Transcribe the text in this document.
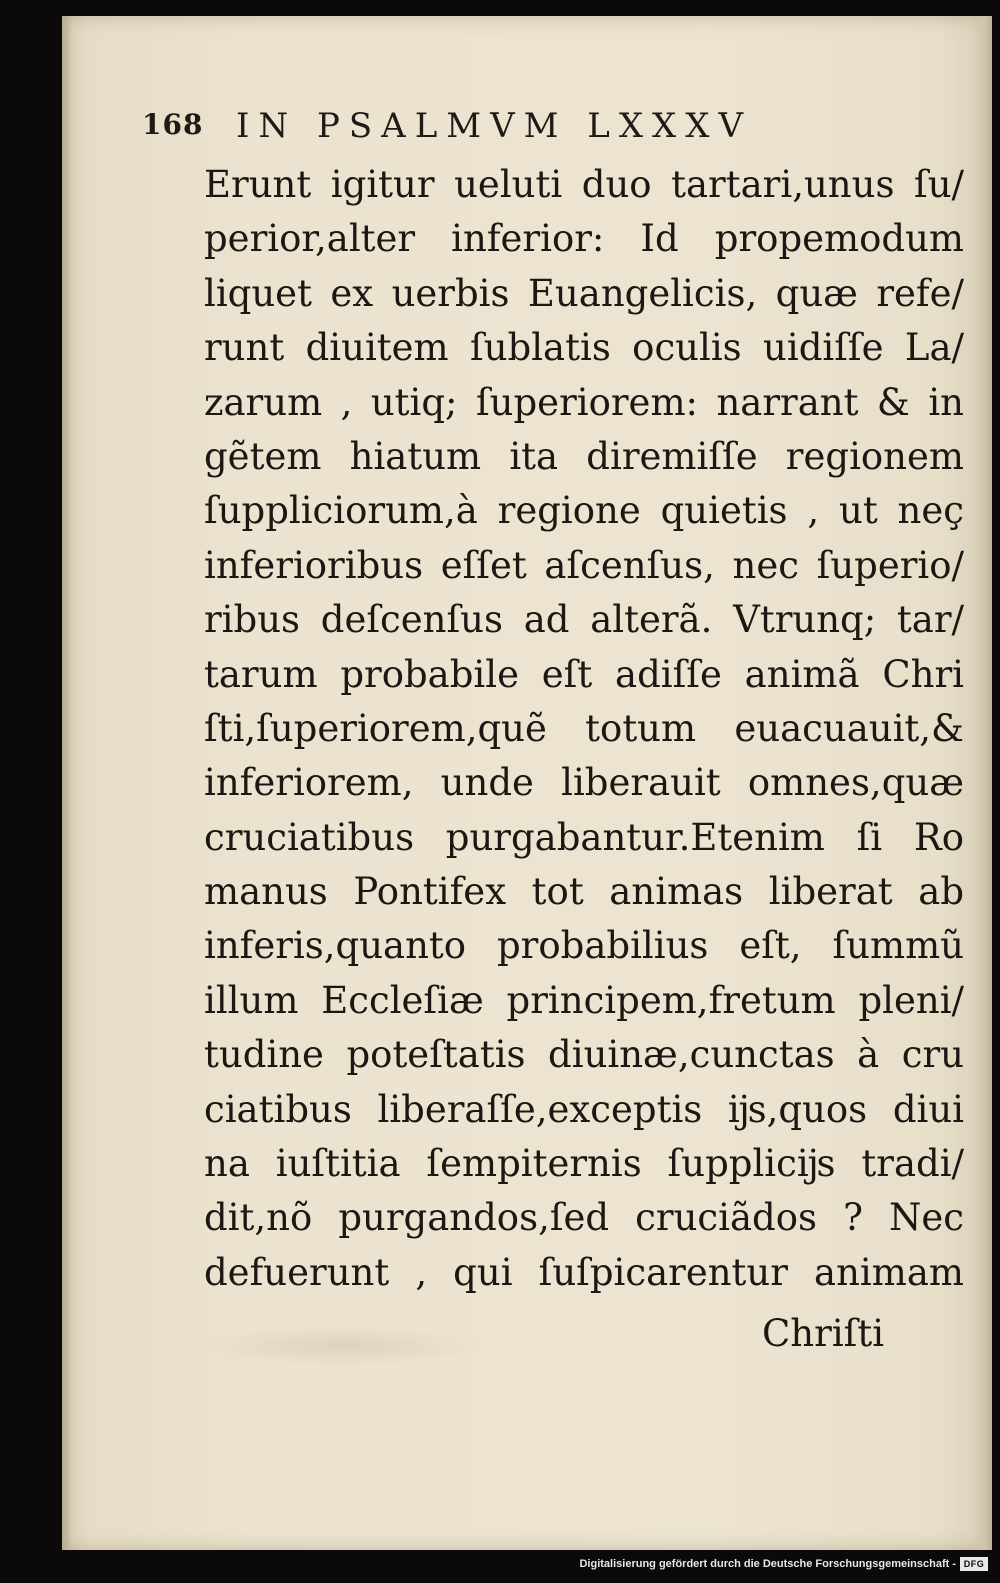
168 IN PSALMVM LXXXV
Erunt igitur ueluti duo tartari,unus ſu/
perior,alter inferior: Id propemodum
liquet ex uerbis Euangelicis, quæ refe/
runt diuitem ſublatis oculis uidiſſe La/
zarum , utiq; ſuperiorem: narrant & in
gẽtem hiatum ita diremiſſe regionem
ſuppliciorum,à regione quietis , ut neç
inferioribus eſſet aſcenſus, nec ſuperio/
ribus deſcenſus ad alterã. Vtrunq; tar/
tarum probabile eſt adiſſe animã Chri
ſti,ſuperiorem,quẽ totum euacuauit,&
inferiorem, unde liberauit omnes,quæ
cruciatibus purgabantur.Etenim ſi Ro
manus Pontifex tot animas liberat ab
inferis,quanto probabilius eſt, ſummũ
illum Eccleſiæ principem,fretum pleni/
tudine poteſtatis diuinæ,cunctas à cru
ciatibus liberaſſe,exceptis ĳs,quos diui
na iuſtitia ſempiternis ſupplicĳs tradi/
dit,nõ purgandos,ſed cruciãdos ? Nec
defuerunt , qui ſuſpicarentur animam
Chriſti
Digitalisierung gefördert durch die Deutsche Forschungsgemeinschaft - DFG
